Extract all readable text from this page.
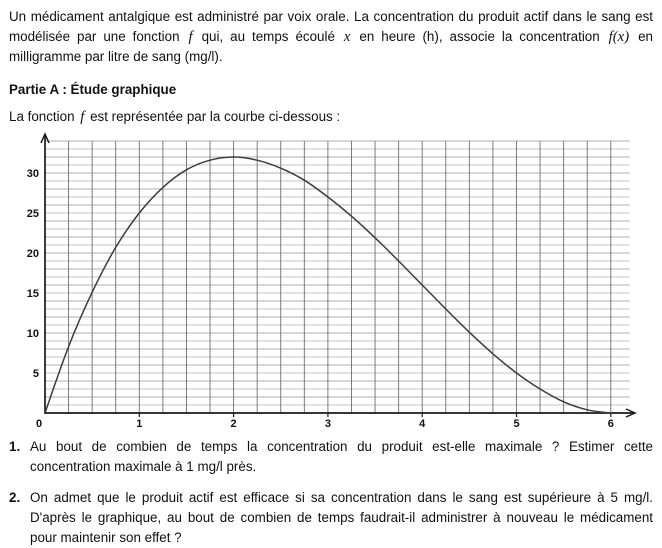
Un médicament antalgique est administré par voix orale. La concentration du produit actif dans le sang est modélisée par une fonction f qui, au temps écoulé x en heure (h), associe la concentration f(x) en milligramme par litre de sang (mg/l).

Partie A : Étude graphique

La fonction f est représentée par la courbe ci-dessous :

0	1	2	3	4	5	6
5
10
15
20
25
30
1. Au bout de combien de temps la concentration du produit est-elle maximale ? Estimer cette concentration maximale à 1 mg/l près.
2. On admet que le produit actif est efficace si sa concentration dans le sang est supérieure à 5 mg/l. D'après le graphique, au bout de combien de temps faudrait-il administrer à nouveau le médicament pour maintenir son effet ?
